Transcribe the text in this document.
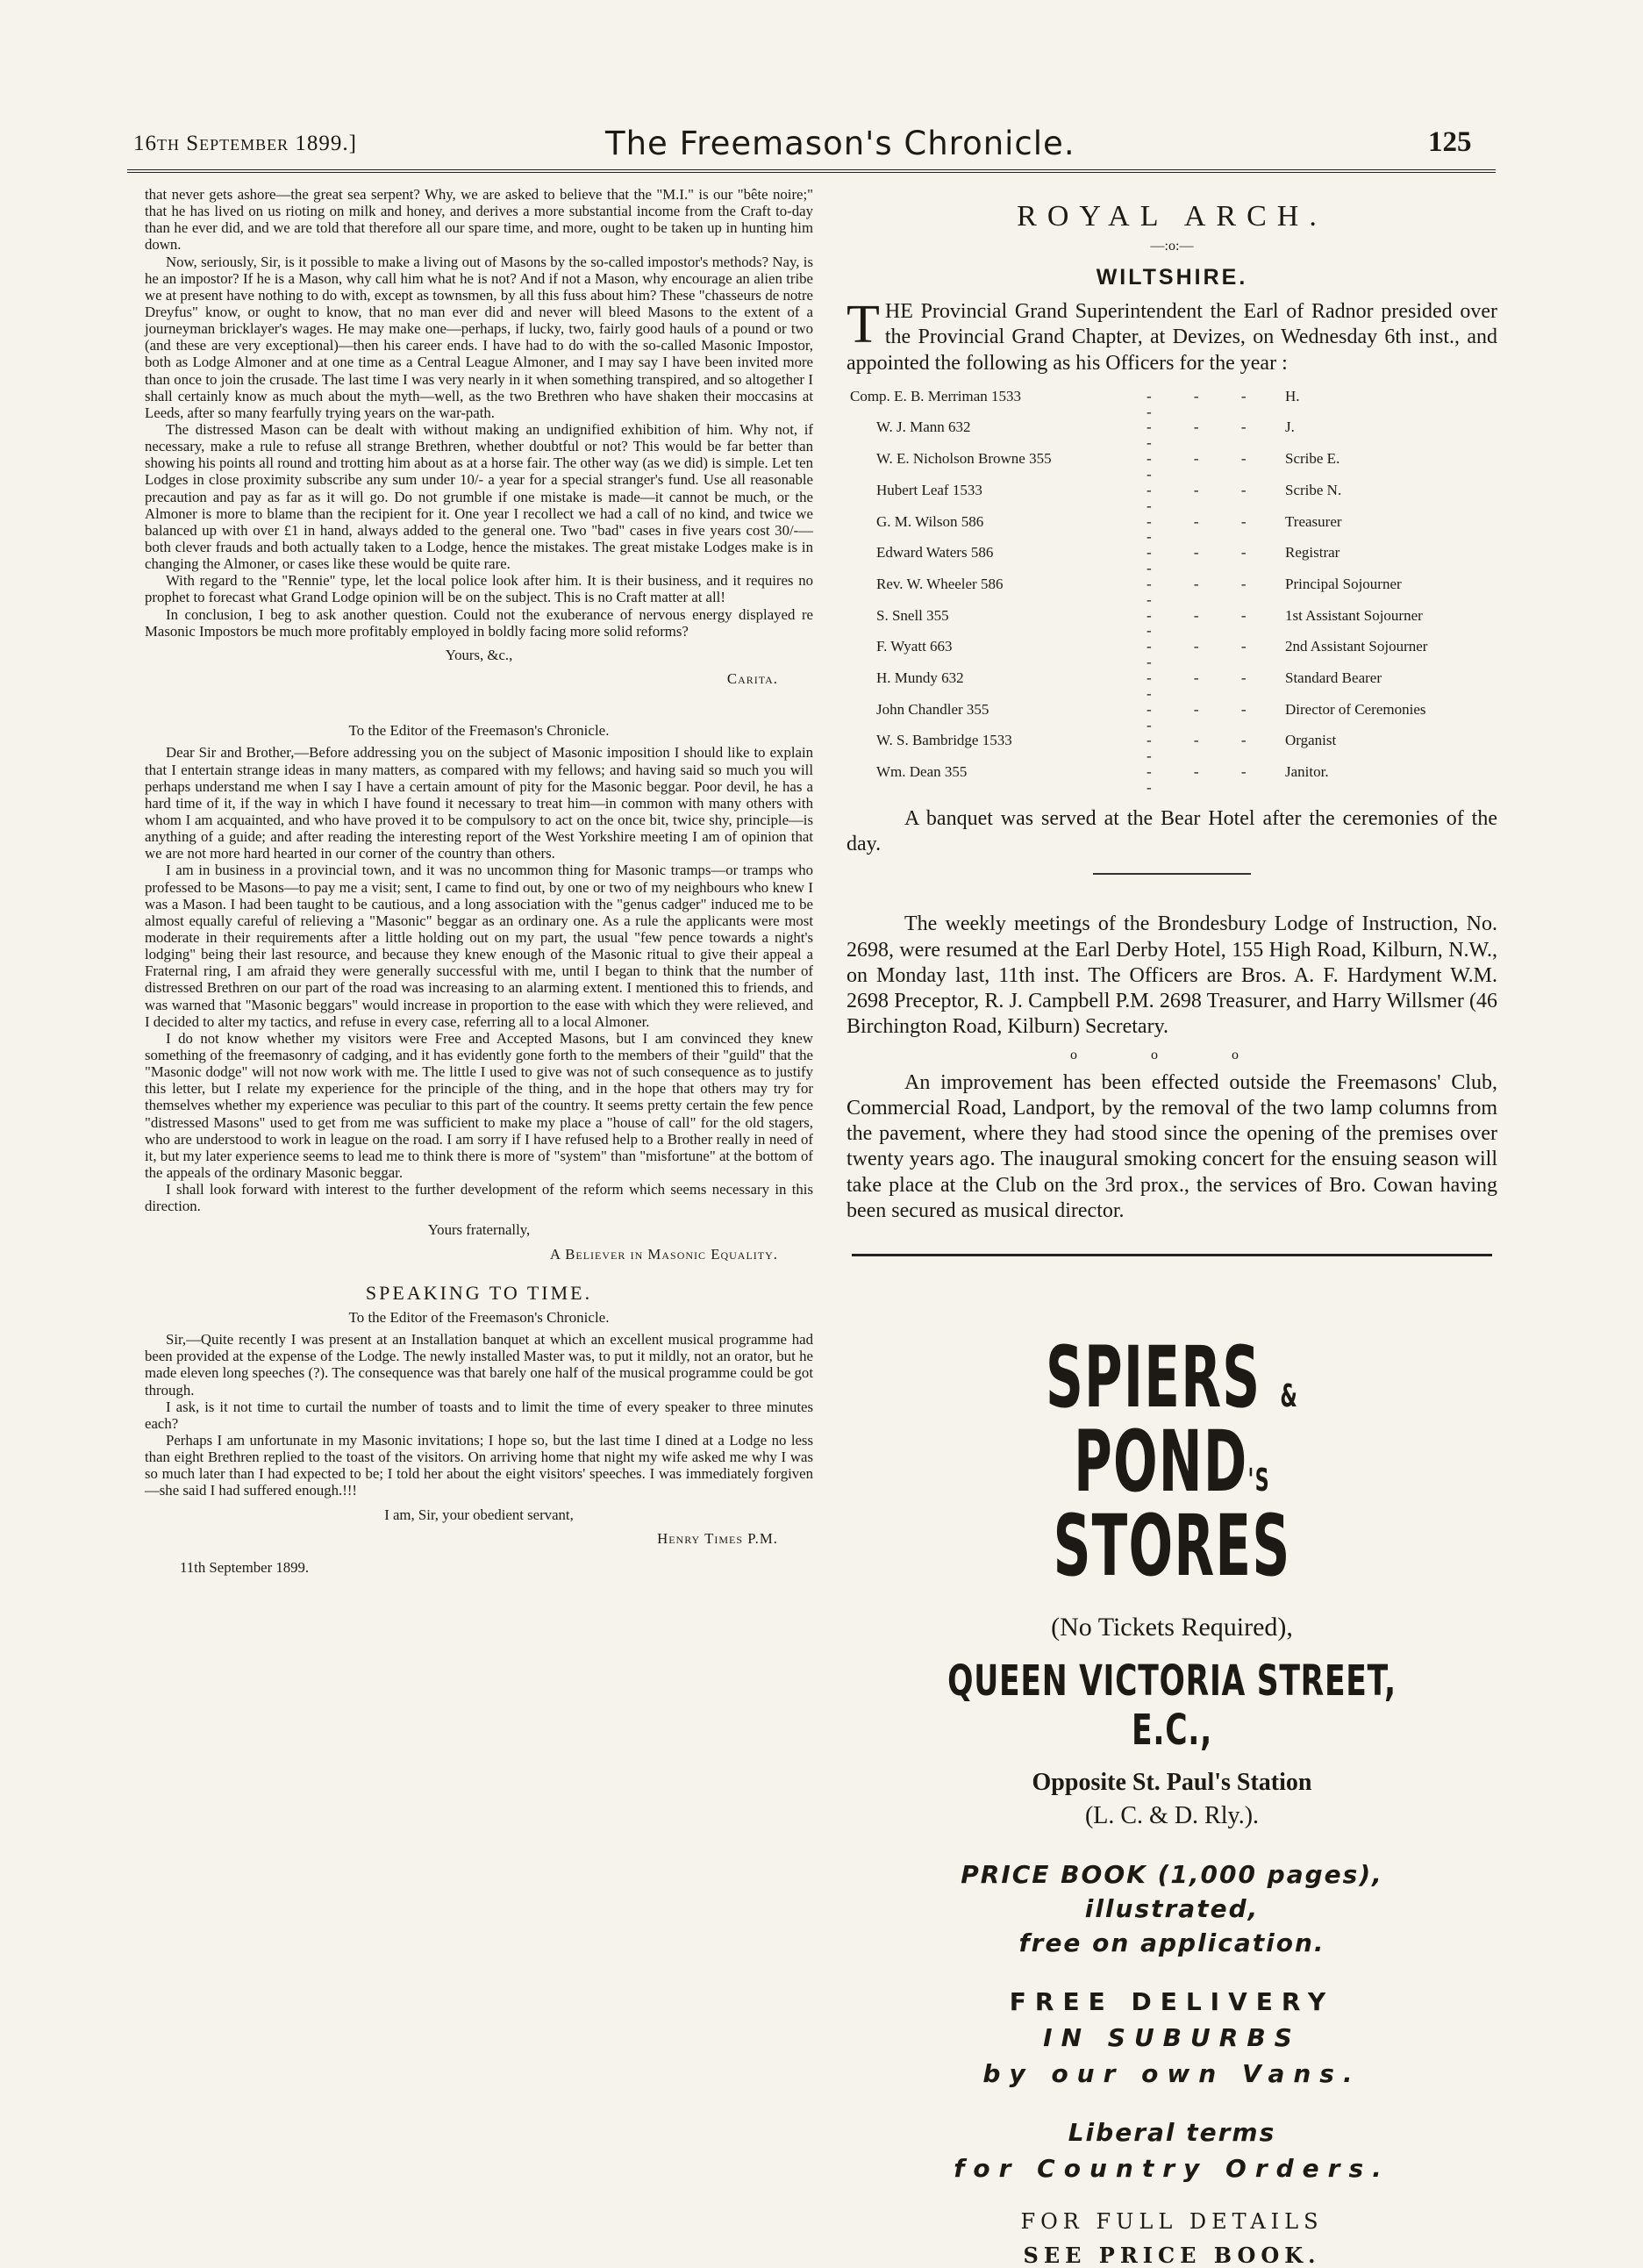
16th September 1899.]	The Freemason's Chronicle.	125

that never gets ashore—the great sea serpent? Why, we are asked to believe that the "M.I." is our "bête noire;" that he has lived on us rioting on milk and honey, and derives a more substantial income from the Craft to-day than he ever did, and we are told that therefore all our spare time, and more, ought to be taken up in hunting him down.

Now, seriously, Sir, is it possible to make a living out of Masons by the so-called impostor's methods? Nay, is he an impostor? If he is a Mason, why call him what he is not? And if not a Mason, why encourage an alien tribe we at present have nothing to do with, except as townsmen, by all this fuss about him? These "chasseurs de notre Dreyfus" know, or ought to know, that no man ever did and never will bleed Masons to the extent of a journeyman bricklayer's wages. He may make one—perhaps, if lucky, two, fairly good hauls of a pound or two (and these are very exceptional)—then his career ends. I have had to do with the so-called Masonic Impostor, both as Lodge Almoner and at one time as a Central League Almoner, and I may say I have been invited more than once to join the crusade. The last time I was very nearly in it when something transpired, and so altogether I shall certainly know as much about the myth—well, as the two Brethren who have shaken their moccasins at Leeds, after so many fearfully trying years on the war-path.

The distressed Mason can be dealt with without making an undignified exhibition of him. Why not, if necessary, make a rule to refuse all strange Brethren, whether doubtful or not? This would be far better than showing his points all round and trotting him about as at a horse fair. The other way (as we did) is simple. Let ten Lodges in close proximity subscribe any sum under 10/- a year for a special stranger's fund. Use all reasonable precaution and pay as far as it will go. Do not grumble if one mistake is made—it cannot be much, or the Almoner is more to blame than the recipient for it. One year I recollect we had a call of no kind, and twice we balanced up with over £1 in hand, always added to the general one. Two "bad" cases in five years cost 30/-—both clever frauds and both actually taken to a Lodge, hence the mistakes. The great mistake Lodges make is in changing the Almoner, or cases like these would be quite rare.

With regard to the "Rennie" type, let the local police look after him. It is their business, and it requires no prophet to forecast what Grand Lodge opinion will be on the subject. This is no Craft matter at all!

In conclusion, I beg to ask another question. Could not the exuberance of nervous energy displayed re Masonic Impostors be much more profitably employed in boldly facing more solid reforms?

Yours, &c.,
Carita.
To the Editor of the Freemason's Chronicle.

Dear Sir and Brother,—Before addressing you on the subject of Masonic imposition I should like to explain that I entertain strange ideas in many matters, as compared with my fellows; and having said so much you will perhaps understand me when I say I have a certain amount of pity for the Masonic beggar. Poor devil, he has a hard time of it, if the way in which I have found it necessary to treat him—in common with many others with whom I am acquainted, and who have proved it to be compulsory to act on the once bit, twice shy, principle—is anything of a guide; and after reading the interesting report of the West Yorkshire meeting I am of opinion that we are not more hard hearted in our corner of the country than others.

I am in business in a provincial town, and it was no uncommon thing for Masonic tramps—or tramps who professed to be Masons—to pay me a visit; sent, I came to find out, by one or two of my neighbours who knew I was a Mason. I had been taught to be cautious, and a long association with the "genus cadger" induced me to be almost equally careful of relieving a "Masonic" beggar as an ordinary one. As a rule the applicants were most moderate in their requirements after a little holding out on my part, the usual "few pence towards a night's lodging" being their last resource, and because they knew enough of the Masonic ritual to give their appeal a Fraternal ring, I am afraid they were generally successful with me, until I began to think that the number of distressed Brethren on our part of the road was increasing to an alarming extent. I mentioned this to friends, and was warned that "Masonic beggars" would increase in proportion to the ease with which they were relieved, and I decided to alter my tactics, and refuse in every case, referring all to a local Almoner.

I do not know whether my visitors were Free and Accepted Masons, but I am convinced they knew something of the freemasonry of cadging, and it has evidently gone forth to the members of their "guild" that the "Masonic dodge" will not now work with me. The little I used to give was not of such consequence as to justify this letter, but I relate my experience for the principle of the thing, and in the hope that others may try for themselves whether my experience was peculiar to this part of the country. It seems pretty certain the few pence "distressed Masons" used to get from me was sufficient to make my place a "house of call" for the old stagers, who are understood to work in league on the road. I am sorry if I have refused help to a Brother really in need of it, but my later experience seems to lead me to think there is more of "system" than "misfortune" at the bottom of the appeals of the ordinary Masonic beggar.

I shall look forward with interest to the further development of the reform which seems necessary in this direction.

Yours fraternally,
A Believer in Masonic Equality.
SPEAKING TO TIME.
To the Editor of the Freemason's Chronicle.

Sir,—Quite recently I was present at an Installation banquet at which an excellent musical programme had been provided at the expense of the Lodge. The newly installed Master was, to put it mildly, not an orator, but he made eleven long speeches (?). The consequence was that barely one half of the musical programme could be got through.

I ask, is it not time to curtail the number of toasts and to limit the time of every speaker to three minutes each?

Perhaps I am unfortunate in my Masonic invitations; I hope so, but the last time I dined at a Lodge no less than eight Brethren replied to the toast of the visitors. On arriving home that night my wife asked me why I was so much later than I had expected to be; I told her about the eight visitors' speeches. I was immediately forgiven—she said I had suffered enough.!!!

I am, Sir, your obedient servant,
Henry Times P.M.
11th September 1899.
ROYAL ARCH.
—:o:—
WILTSHIRE.

THE Provincial Grand Superintendent the Earl of Radnor presided over the Provincial Grand Chapter, at Devizes, on Wednesday 6th inst., and appointed the following as his Officers for the year :

Comp. E. B. Merriman 1533	- - - -	H.
W. J. Mann 632	- - - -	J.
W. E. Nicholson Browne 355	- - - -	Scribe E.
Hubert Leaf 1533	- - - -	Scribe N.
G. M. Wilson 586	- - - -	Treasurer
Edward Waters 586	- - - -	Registrar
Rev. W. Wheeler 586	- - - -	Principal Sojourner
S. Snell 355	- - - -	1st Assistant Sojourner
F. Wyatt 663	- - - -	2nd Assistant Sojourner
H. Mundy 632	- - - -	Standard Bearer
John Chandler 355	- - - -	Director of Ceremonies
W. S. Bambridge 1533	- - - -	Organist
Wm. Dean 355	- - - -	Janitor.

A banquet was served at the Bear Hotel after the ceremonies of the day.

The weekly meetings of the Brondesbury Lodge of Instruction, No. 2698, were resumed at the Earl Derby Hotel, 155 High Road, Kilburn, N.W., on Monday last, 11th inst. The Officers are Bros. A. F. Hardyment W.M. 2698 Preceptor, R. J. Campbell P.M. 2698 Treasurer, and Harry Willsmer (46 Birchington Road, Kilburn) Secretary.

o o o

An improvement has been effected outside the Freemasons' Club, Commercial Road, Landport, by the removal of the two lamp columns from the pavement, where they had stood since the opening of the premises over twenty years ago. The inaugural smoking concert for the ensuing season will take place at the Club on the 3rd prox., the services of Bro. Cowan having been secured as musical director.

SPIERS & POND'S
STORES
(No Tickets Required),
QUEEN VICTORIA STREET, E.C.,
Opposite St. Paul's Station
(L. C. & D. Rly.).
PRICE BOOK (1,000 pages),
illustrated,
free on application.
FREE DELIVERY
IN SUBURBS
by our own Vans.
Liberal terms
for Country Orders.
FOR FULL DETAILS
SEE PRICE BOOK.
